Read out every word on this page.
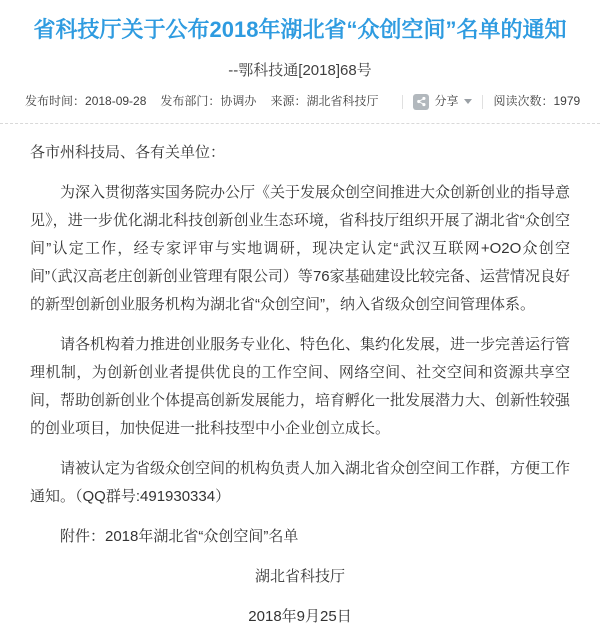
省科技厅关于公布2018年湖北省“众创空间”名单的通知
--鄂科技通[2018]68号
发布时间：2018-09-28 发布部门：协调办 来源：湖北省科技厅	分享	阅读次数：1979

各市州科技局、各有关单位：

为深入贯彻落实国务院办公厅《关于发展众创空间推进大众创新创业的指导意见》，进一步优化湖北科技创新创业生态环境，省科技厅组织开展了湖北省“众创空间”认定工作，经专家评审与实地调研，现决定认定“武汉互联网+O2O众创空间”（武汉高老庄创新创业管理有限公司）等76家基础建设比较完备、运营情况良好的新型创新创业服务机构为湖北省“众创空间”，纳入省级众创空间管理体系。

请各机构着力推进创业服务专业化、特色化、集约化发展，进一步完善运行管理机制，为创新创业者提供优良的工作空间、网络空间、社交空间和资源共享空间，帮助创新创业个体提高创新发展能力，培育孵化一批发展潜力大、创新性较强的创业项目，加快促进一批科技型中小企业创立成长。

请被认定为省级众创空间的机构负责人加入湖北省众创空间工作群，方便工作通知。（QQ群号:491930334）

附件：2018年湖北省“众创空间”名单

湖北省科技厅

2018年9月25日
